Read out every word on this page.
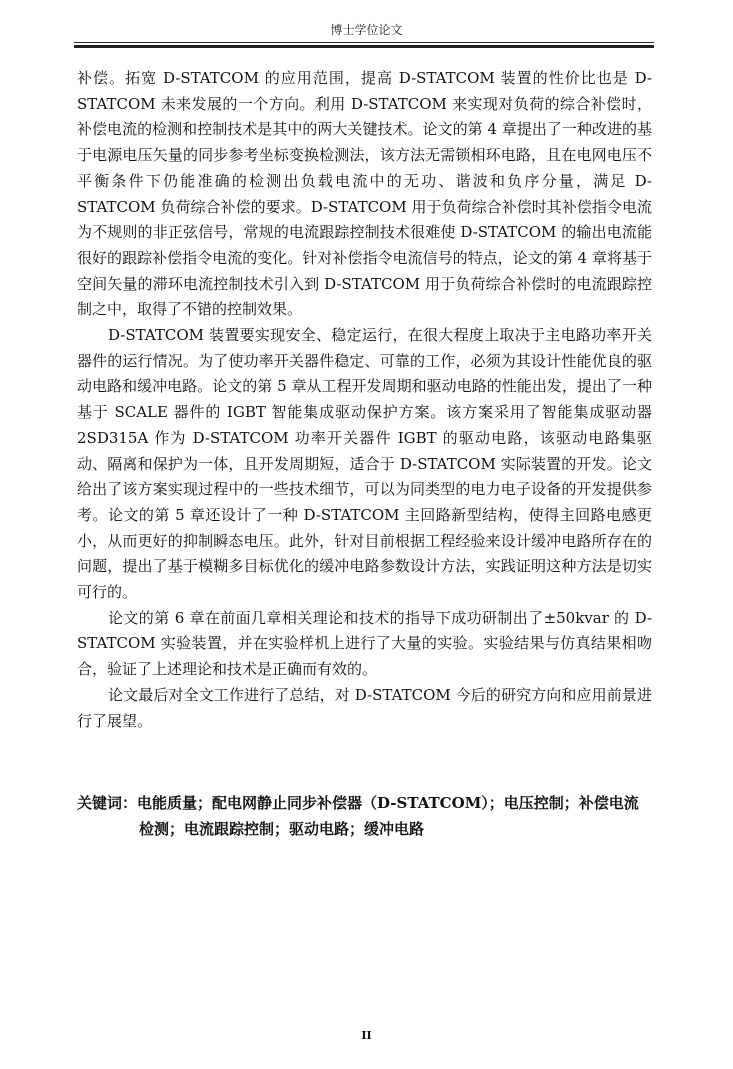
博士学位论文

补偿。拓宽 D-STATCOM 的应用范围，提高 D-STATCOM 装置的性价比也是 D-STATCOM 未来发展的一个方向。利用 D-STATCOM 来实现对负荷的综合补偿时，补偿电流的检测和控制技术是其中的两大关键技术。论文的第 4 章提出了一种改进的基于电源电压矢量的同步参考坐标变换检测法，该方法无需锁相环电路，且在电网电压不平衡条件下仍能准确的检测出负载电流中的无功、谐波和负序分量，满足 D-STATCOM 负荷综合补偿的要求。D-STATCOM 用于负荷综合补偿时其补偿指令电流为不规则的非正弦信号，常规的电流跟踪控制技术很难使 D-STATCOM 的输出电流能很好的跟踪补偿指令电流的变化。针对补偿指令电流信号的特点，论文的第 4 章将基于空间矢量的滞环电流控制技术引入到 D-STATCOM 用于负荷综合补偿时的电流跟踪控制之中，取得了不错的控制效果。

D-STATCOM 装置要实现安全、稳定运行，在很大程度上取决于主电路功率开关器件的运行情况。为了使功率开关器件稳定、可靠的工作，必须为其设计性能优良的驱动电路和缓冲电路。论文的第 5 章从工程开发周期和驱动电路的性能出发，提出了一种基于 SCALE 器件的 IGBT 智能集成驱动保护方案。该方案采用了智能集成驱动器 2SD315A 作为 D-STATCOM 功率开关器件 IGBT 的驱动电路，该驱动电路集驱动、隔离和保护为一体，且开发周期短，适合于 D-STATCOM 实际装置的开发。论文给出了该方案实现过程中的一些技术细节，可以为同类型的电力电子设备的开发提供参考。论文的第 5 章还设计了一种 D-STATCOM 主回路新型结构，使得主回路电感更小，从而更好的抑制瞬态电压。此外，针对目前根据工程经验来设计缓冲电路所存在的问题，提出了基于模糊多目标优化的缓冲电路参数设计方法，实践证明这种方法是切实可行的。

论文的第 6 章在前面几章相关理论和技术的指导下成功研制出了±50kvar 的 D-STATCOM 实验装置，并在实验样机上进行了大量的实验。实验结果与仿真结果相吻合，验证了上述理论和技术是正确而有效的。

论文最后对全文工作进行了总结，对 D-STATCOM 今后的研究方向和应用前景进行了展望。

关键词：电能质量；配电网静止同步补偿器（D-STATCOM）；电压控制；补偿电流检测；电流跟踪控制；驱动电路；缓冲电路
II
